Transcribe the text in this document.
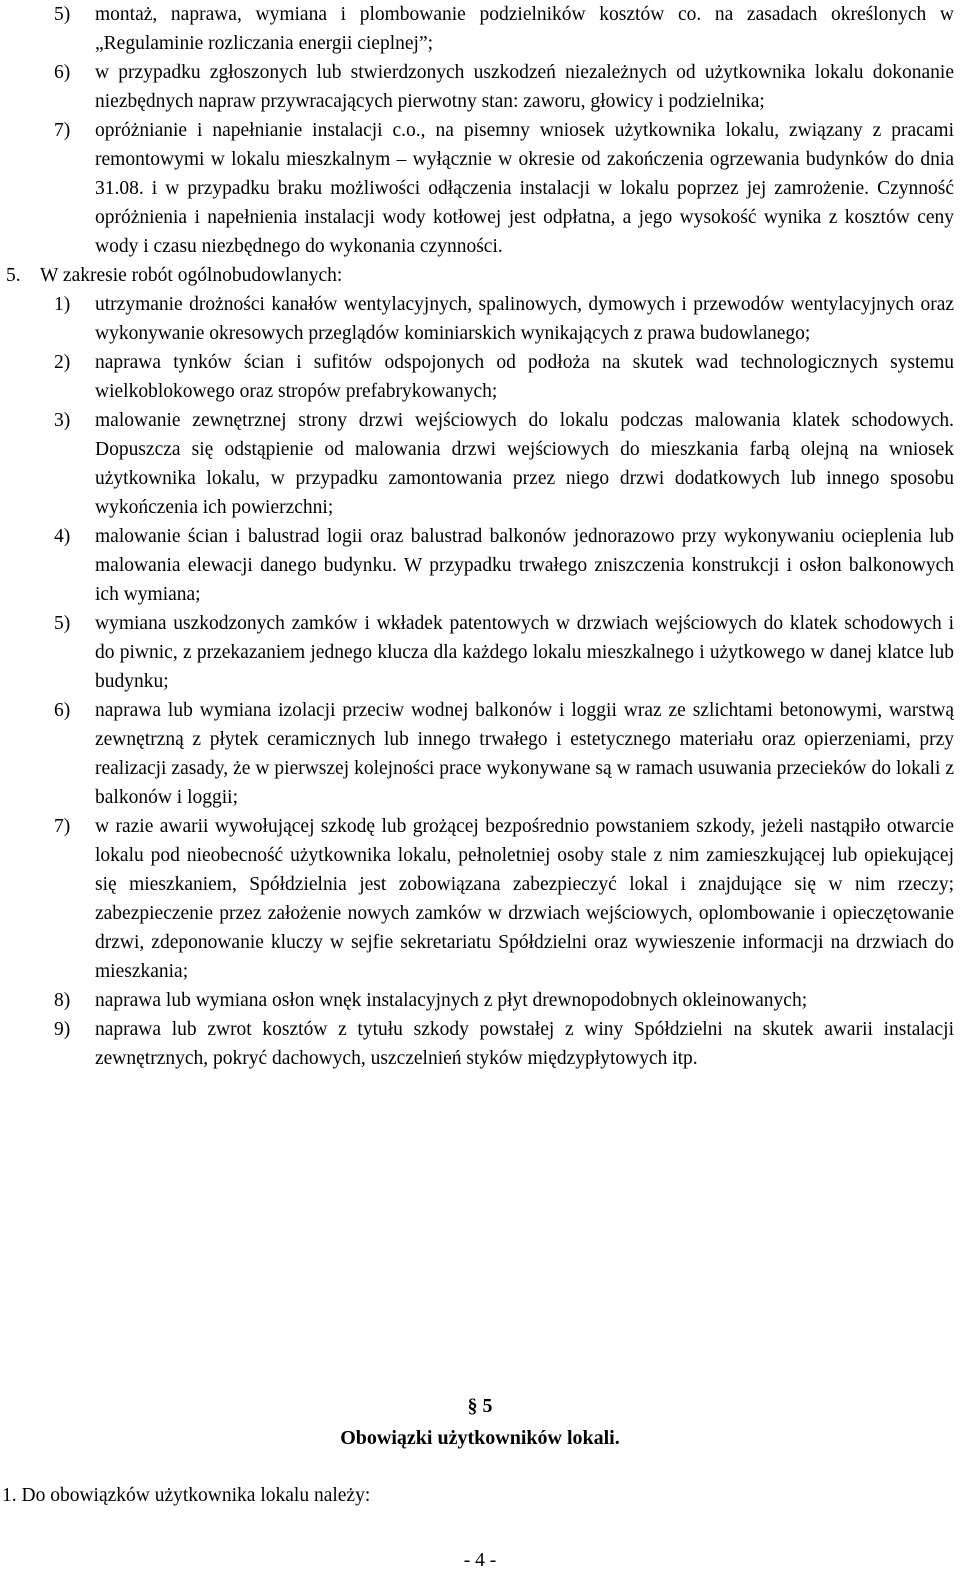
5) montaż, naprawa, wymiana i plombowanie podzielników kosztów co. na zasadach określonych w „Regulaminie rozliczania energii cieplnej”;
6) w przypadku zgłoszonych lub stwierdzonych uszkodzeń niezależnych od użytkownika lokalu dokonanie niezbędnych napraw przywracających pierwotny stan: zaworu, głowicy i podzielnika;
7) opróżnianie i napełnianie instalacji c.o., na pisemny wniosek użytkownika lokalu, związany z pracami remontowymi w lokalu mieszkalnym – wyłącznie w okresie od zakończenia ogrzewania budynków do dnia 31.08. i w przypadku braku możliwości odłączenia instalacji w lokalu poprzez jej zamrożenie. Czynność opróżnienia i napełnienia instalacji wody kotłowej jest odpłatna, a jego wysokość wynika z kosztów ceny wody i czasu niezbędnego do wykonania czynności.
5. W zakresie robót ogólnobudowlanych:
1) utrzymanie drożności kanałów wentylacyjnych, spalinowych, dymowych i przewodów wentylacyjnych oraz wykonywanie okresowych przeglądów kominiarskich wynikających z prawa budowlanego;
2) naprawa tynków ścian i sufitów odspojonych od podłoża na skutek wad technologicznych systemu wielkoblokowego oraz stropów prefabrykowanych;
3) malowanie zewnętrznej strony drzwi wejściowych do lokalu podczas malowania klatek schodowych. Dopuszcza się odstąpienie od malowania drzwi wejściowych do mieszkania farbą olejną na wniosek użytkownika lokalu, w przypadku zamontowania przez niego drzwi dodatkowych lub innego sposobu wykończenia ich powierzchni;
4) malowanie ścian i balustrad logii oraz balustrad balkonów jednorazowo przy wykonywaniu ocieplenia lub malowania elewacji danego budynku. W przypadku trwałego zniszczenia konstrukcji i osłon balkonowych ich wymiana;
5) wymiana uszkodzonych zamków i wkładek patentowych w drzwiach wejściowych do klatek schodowych i do piwnic, z przekazaniem jednego klucza dla każdego lokalu mieszkalnego i użytkowego w danej klatce lub budynku;
6) naprawa lub wymiana izolacji przeciw wodnej balkonów i loggii wraz ze szlichtami betonowymi, warstwą zewnętrzną z płytek ceramicznych lub innego trwałego i estetycznego materiału oraz opierzeniami, przy realizacji zasady, że w pierwszej kolejności prace wykonywane są w ramach usuwania przecieków do lokali z balkonów i loggii;
7) w razie awarii wywołującej szkodę lub grożącej bezpośrednio powstaniem szkody, jeżeli nastąpiło otwarcie lokalu pod nieobecność użytkownika lokalu, pełnoletniej osoby stale z nim zamieszkującej lub opiekującej się mieszkaniem, Spółdzielnia jest zobowiązana zabezpieczyć lokal i znajdujące się w nim rzeczy; zabezpieczenie przez założenie nowych zamków w drzwiach wejściowych, oplombowanie i opieczętowanie drzwi, zdeponowanie kluczy w sejfie sekretariatu Spółdzielni oraz wywieszenie informacji na drzwiach do mieszkania;
8) naprawa lub wymiana osłon wnęk instalacyjnych z płyt drewnopodobnych okleinowanych;
9) naprawa lub zwrot kosztów z tytułu szkody powstałej z winy Spółdzielni na skutek awarii instalacji zewnętrznych, pokryć dachowych, uszczelnień styków międzypłytowych itp.
§ 5
Obowiązki użytkowników lokali.
1. Do obowiązków użytkownika lokalu należy:
- 4 -
